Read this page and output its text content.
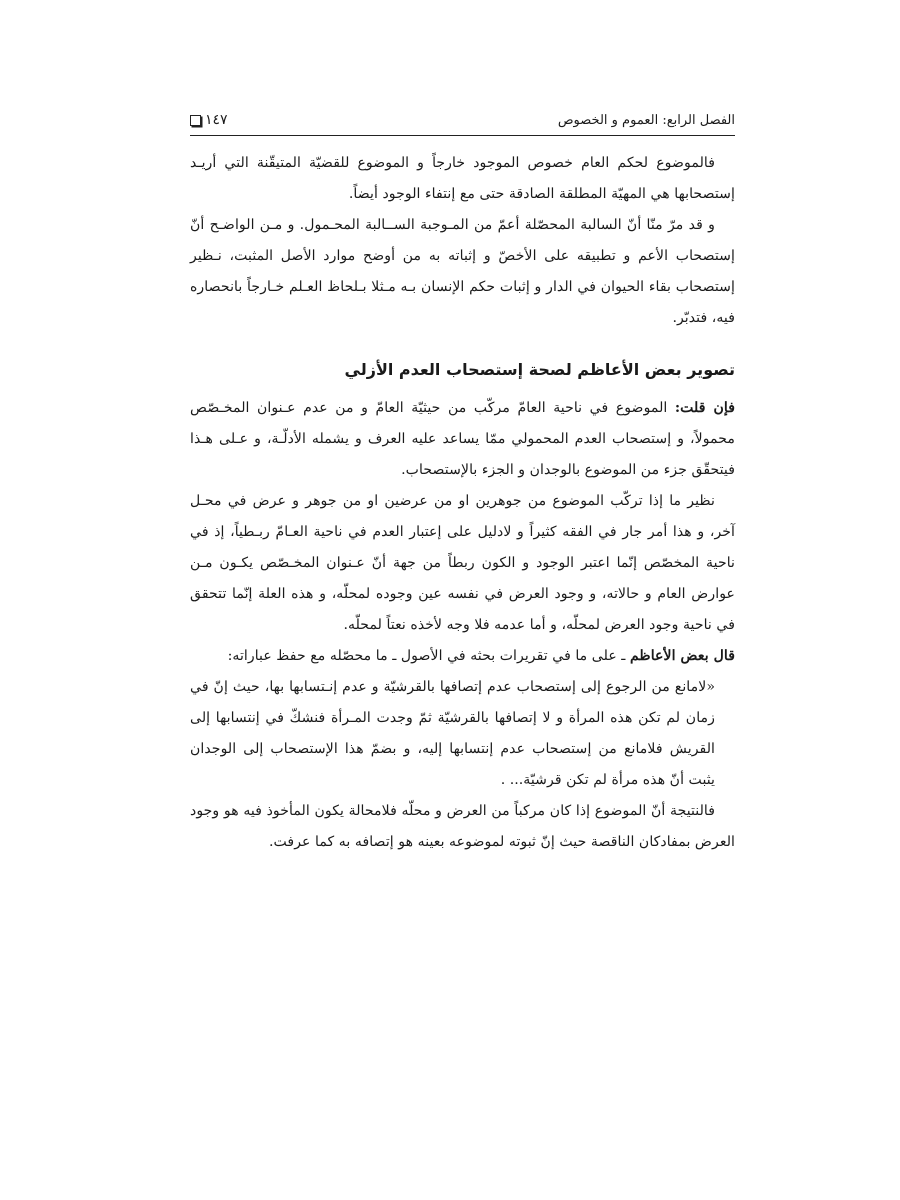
الفصل الرابع: العموم و الخصوص
١٤٧

فالموضوع لحكم العام خصوص الموجود خارجاً و الموضوع للقضيّة المتيقّنة التي أريـد إستصحابها هي المهيّة المطلقة الصادقة حتى مع إنتفاء الوجود أيضاً.

و قد مرّ منّا أنّ السالبة المحصّلة أعمّ من المـوجبة الســالبة المحـمول. و مـن الواضـح أنّ إستصحاب الأعم و تطبيقه على الأخصّ و إثباته به من أوضح موارد الأصل المثبت، نـظير إستصحاب بقاء الحيوان في الدار و إثبات حكم الإنسان بـه مـثلا بـلحاظ العـلم خـارجاً بانحصاره فيه، فتدبّر.

تصوير بعض الأعاظم لصحة إستصحاب العدم الأزلي

فإن قلت: الموضوع في ناحية العامّ مركّب من حيثيّة العامّ و من عدم عـنوان المخـصّص محمولاً، و إستصحاب العدم المحمولي ممّا يساعد عليه العرف و يشمله الأدلّـة، و عـلى هـذا فيتحقّق جزء من الموضوع بالوجدان و الجزء بالإستصحاب.

نظير ما إذا تركّب الموضوع من جوهرين او من عرضين او من جوهر و عرض في محـل آخر، و هذا أمر جار في الفقه كثيراً و لادليل على إعتبار العدم في ناحية العـامّ ربـطياً، إذ في ناحية المخصّص إنّما اعتبر الوجود و الكون ربطاً من جهة أنّ عـنوان المخـصّص يكـون مـن عوارض العام و حالاته، و وجود العرض في نفسه عين وجوده لمحلّه، و هذه العلة إنّما تتحقق في ناحية وجود العرض لمحلّه، و أما عدمه فلا وجه لأخذه نعتاً لمحلّه.

قال بعض الأعاظم ـ على ما في تقريرات بحثه في الأصول ـ ما محصّله مع حفظ عباراته:

«لامانع من الرجوع إلى إستصحاب عدم إتصافها بالقرشيّة و عدم إنـتسابها بها، حيث إنّ في زمان لم تكن هذه المرأة و لا إتصافها بالقرشيّة ثمّ وجدت المـرأة فنشكّ في إنتسابها إلى القريش فلامانع من إستصحاب عدم إنتسابها إليه، و بضمّ هذا الإستصحاب إلى الوجدان يثبت أنّ هذه مرأة لم تكن قرشيّة... .

فالنتيجة أنّ الموضوع إذا كان مركباً من العرض و محلّه فلامحالة يكون المأخوذ فيه هو وجود العرض بمفادكان الناقصة حيث إنّ ثبوته لموضوعه بعينه هو إتصافه به كما عرفت.
